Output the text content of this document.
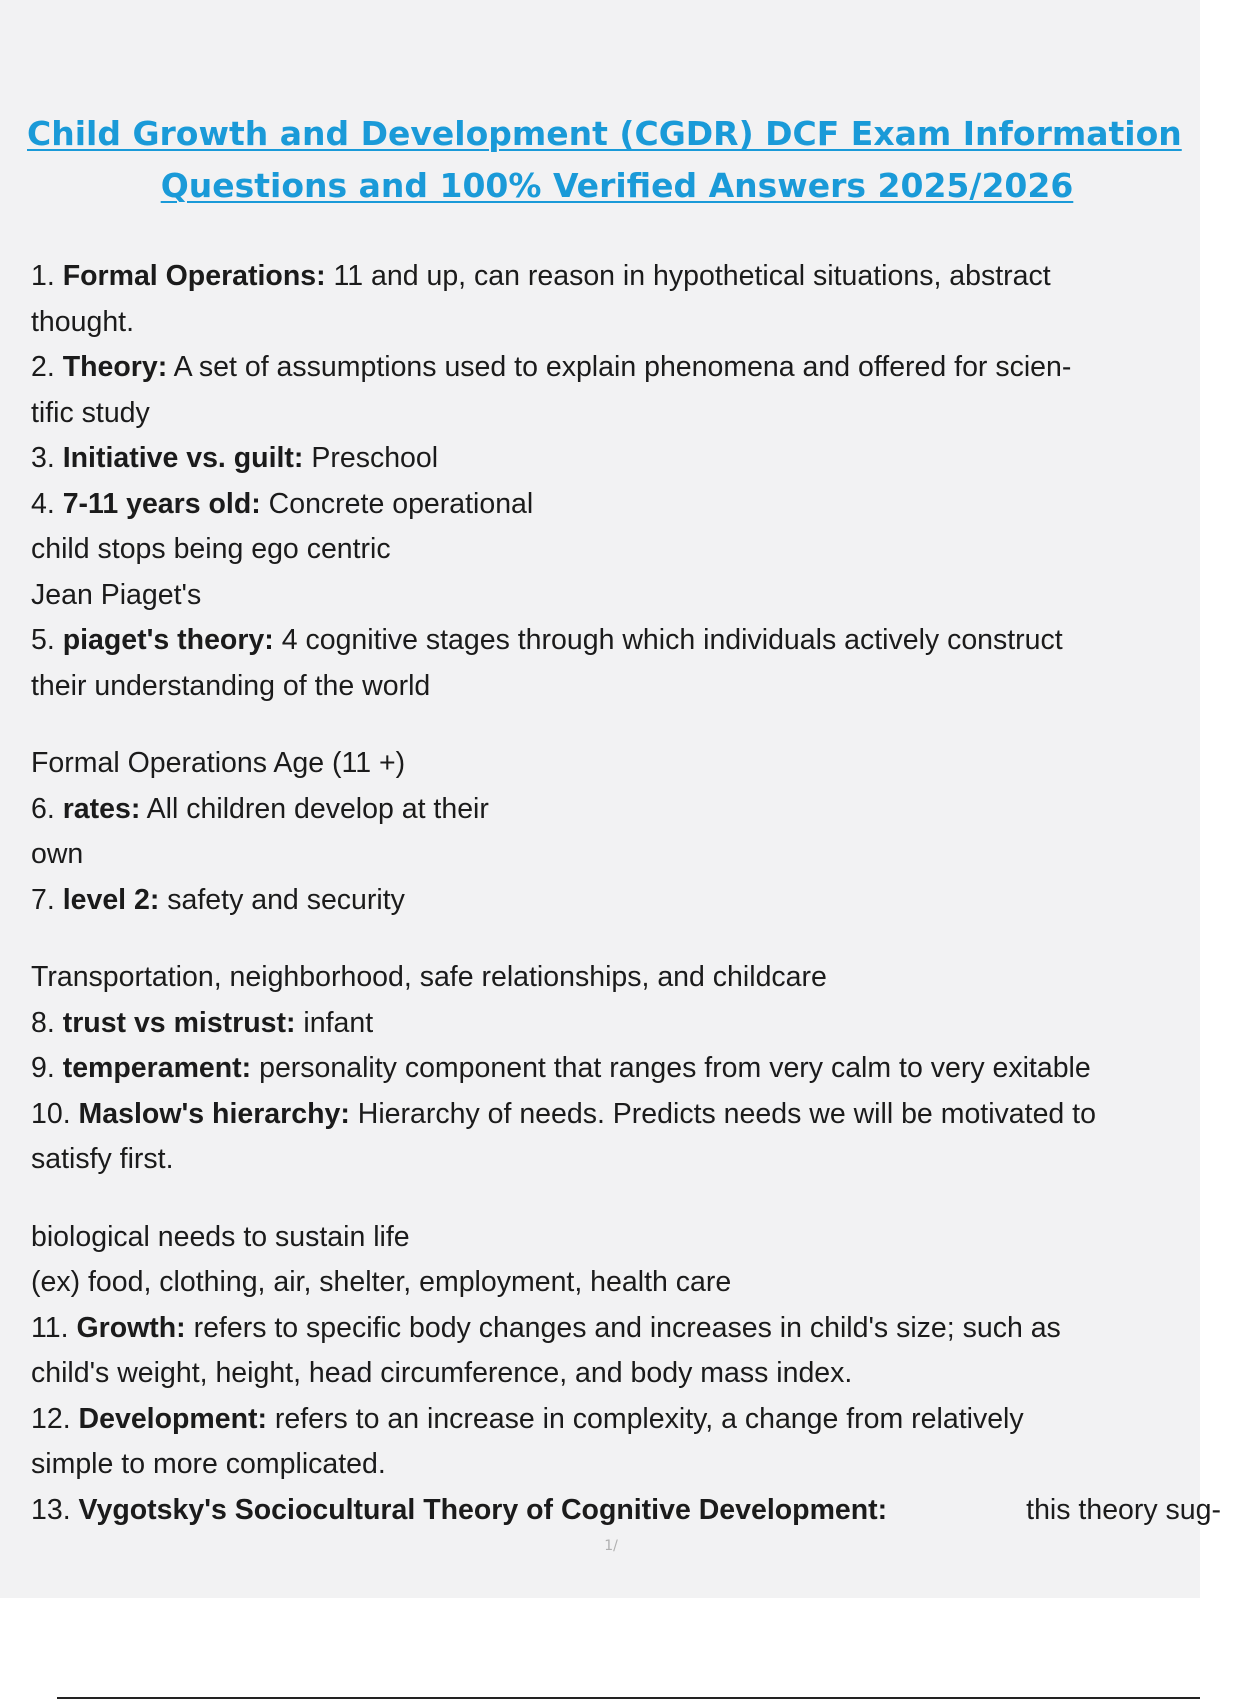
Child Growth and Development (CGDR) DCF Exam Information
Questions and 100% Verified Answers 2025/2026

1. Formal Operations: 11 and up, can reason in hypothetical situations, abstract

thought.

2. Theory: A set of assumptions used to explain phenomena and offered for scien-

tific study

3. Initiative vs. guilt: Preschool

4. 7-11 years old: Concrete operational

child stops being ego centric

Jean Piaget's

5. piaget's theory: 4 cognitive stages through which individuals actively construct

their understanding of the world

Formal Operations Age (11 +)

6. rates: All children develop at their

own

7. level 2: safety and security

Transportation, neighborhood, safe relationships, and childcare

8. trust vs mistrust: infant

9. temperament: personality component that ranges from very calm to very exitable

10. Maslow's hierarchy: Hierarchy of needs. Predicts needs we will be motivated to

satisfy first.

biological needs to sustain life

(ex) food, clothing, air, shelter, employment, health care

11. Growth: refers to specific body changes and increases in child's size; such as

child's weight, height, head circumference, and body mass index.

12. Development: refers to an increase in complexity, a change from relatively

simple to more complicated.

13. Vygotsky's Sociocultural Theory of Cognitive Development:	this theory sug-

1/
